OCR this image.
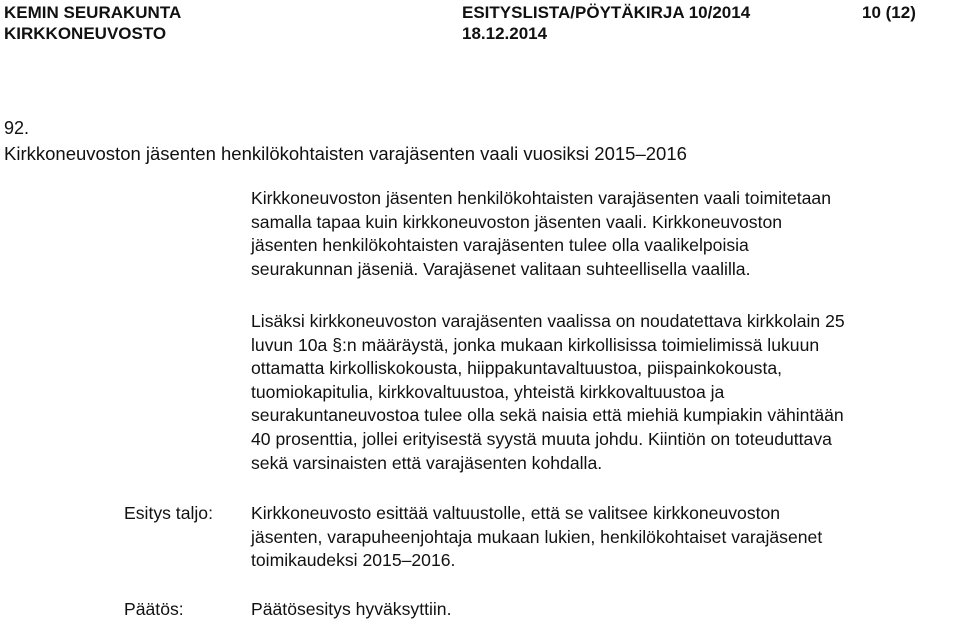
KEMIN SEURAKUNTA
KIRKKONEUVOSTO
ESITYSLISTA/PÖYTÄKIRJA 10/2014
18.12.2014
10 (12)
92.
Kirkkoneuvoston jäsenten henkilökohtaisten varajäsenten vaali vuosiksi 2015–2016
Kirkkoneuvoston jäsenten henkilökohtaisten varajäsenten vaali toimitetaan
samalla tapaa kuin kirkkoneuvoston jäsenten vaali. Kirkkoneuvoston
jäsenten henkilökohtaisten varajäsenten tulee olla vaalikelpoisia
seurakunnan jäseniä. Varajäsenet valitaan suhteellisella vaalilla.
Lisäksi kirkkoneuvoston varajäsenten vaalissa on noudatettava kirkkolain 25
luvun 10a §:n määräystä, jonka mukaan kirkollisissa toimielimissä lukuun
ottamatta kirkolliskokousta, hiippakuntavaltuustoa, piispainkokousta,
tuomiokapitulia, kirkkovaltuustoa, yhteistä kirkkovaltuustoa ja
seurakuntaneuvostoa tulee olla sekä naisia että miehiä kumpiakin vähintään
40 prosenttia, jollei erityisestä syystä muuta johdu. Kiintiön on toteuduttava
sekä varsinaisten että varajäsenten kohdalla.
Esitys taljo: Kirkkoneuvosto esittää valtuustolle, että se valitsee kirkkoneuvoston
jäsenten, varapuheenjohtaja mukaan lukien, henkilökohtaiset varajäsenet
toimikaudeksi 2015–2016.
Päätös:	Päätösesitys hyväksyttiin.
